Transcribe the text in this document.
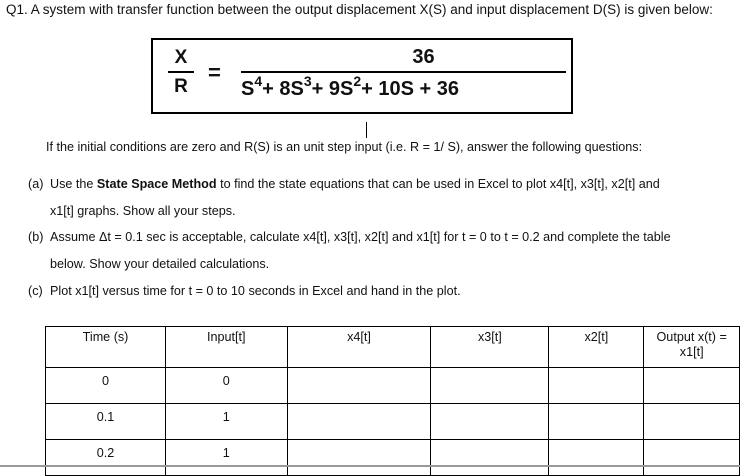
Q1. A system with transfer function between the output displacement X(S) and input displacement D(S) is given below:
X
R
=
36
$S^4+ 8S^3+ 9S^2+ 10S + 36$
If the initial conditions are zero and R(S) is an unit step input (i.e. R = 1/ S), answer the following questions:
(a) Use the State Space Method to find the state equations that can be used in Excel to plot x4[t], x3[t], x2[t] and
x1[t] graphs. Show all your steps.
(b) Assume Δt = 0.1 sec is acceptable, calculate x4[t], x3[t], x2[t] and x1[t] for t = 0 to t = 0.2 and complete the table
below. Show your detailed calculations.
(c) Plot x1[t] versus time for t = 0 to 10 seconds in Excel and hand in the plot.
Time (s)	Input[t]	x4[t]	x3[t]	x2[t]	Output x(t) =
x1[t]
0	0				
0.1	1				
0.2	1				
